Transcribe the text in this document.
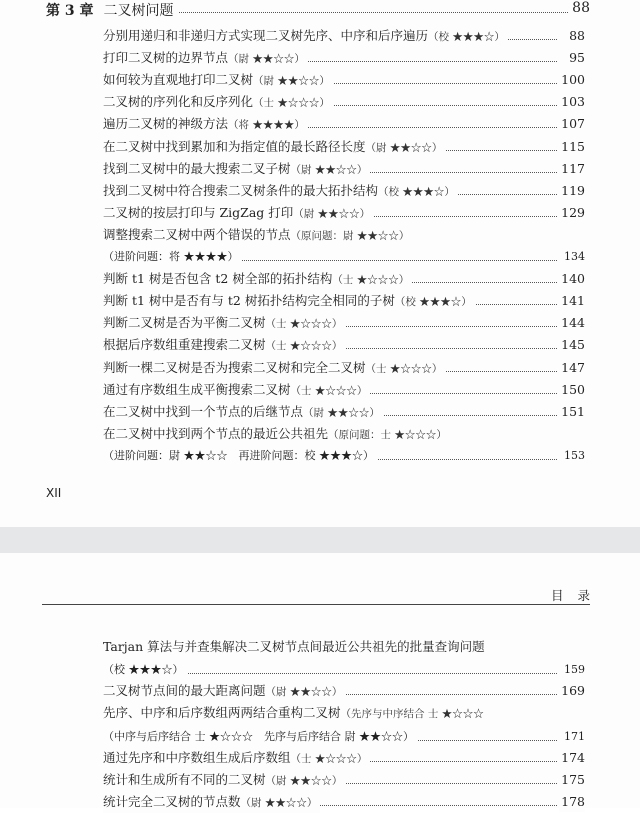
第 3 章 二叉树问题	88
分别用递归和非递归方式实现二叉树先序、中序和后序遍历（校 ★★★☆）	88
打印二叉树的边界节点（尉 ★★☆☆）	95
如何较为直观地打印二叉树（尉 ★★☆☆）	100
二叉树的序列化和反序列化（士 ★☆☆☆）	103
遍历二叉树的神级方法（将 ★★★★）	107
在二叉树中找到累加和为指定值的最长路径长度（尉 ★★☆☆）	115
找到二叉树中的最大搜索二叉子树（尉 ★★☆☆）	117
找到二叉树中符合搜索二叉树条件的最大拓扑结构（校 ★★★☆）	119
二叉树的按层打印与 ZigZag 打印（尉 ★★☆☆）	129
调整搜索二叉树中两个错误的节点（原问题：尉 ★★☆☆）
（进阶问题：将 ★★★★）	134
判断 t1 树是否包含 t2 树全部的拓扑结构（士 ★☆☆☆）	140
判断 t1 树中是否有与 t2 树拓扑结构完全相同的子树（校 ★★★☆）	141
判断二叉树是否为平衡二叉树（士 ★☆☆☆）	144
根据后序数组重建搜索二叉树（士 ★☆☆☆）	145
判断一棵二叉树是否为搜索二叉树和完全二叉树（士 ★☆☆☆）	147
通过有序数组生成平衡搜索二叉树（士 ★☆☆☆）	150
在二叉树中找到一个节点的后继节点（尉 ★★☆☆）	151
在二叉树中找到两个节点的最近公共祖先（原问题：士 ★☆☆☆）
（进阶问题：尉 ★★☆☆　再进阶问题：校 ★★★☆）	153
XII
目录
Tarjan 算法与并查集解决二叉树节点间最近公共祖先的批量查询问题
（校 ★★★☆）	159
二叉树节点间的最大距离问题（尉 ★★☆☆）	169
先序、中序和后序数组两两结合重构二叉树（先序与中序结合 士 ★☆☆☆
（中序与后序结合 士 ★☆☆☆　先序与后序结合 尉 ★★☆☆）	171
通过先序和中序数组生成后序数组（士 ★☆☆☆）	174
统计和生成所有不同的二叉树（尉 ★★☆☆）	175
统计完全二叉树的节点数（尉 ★★☆☆）	178
